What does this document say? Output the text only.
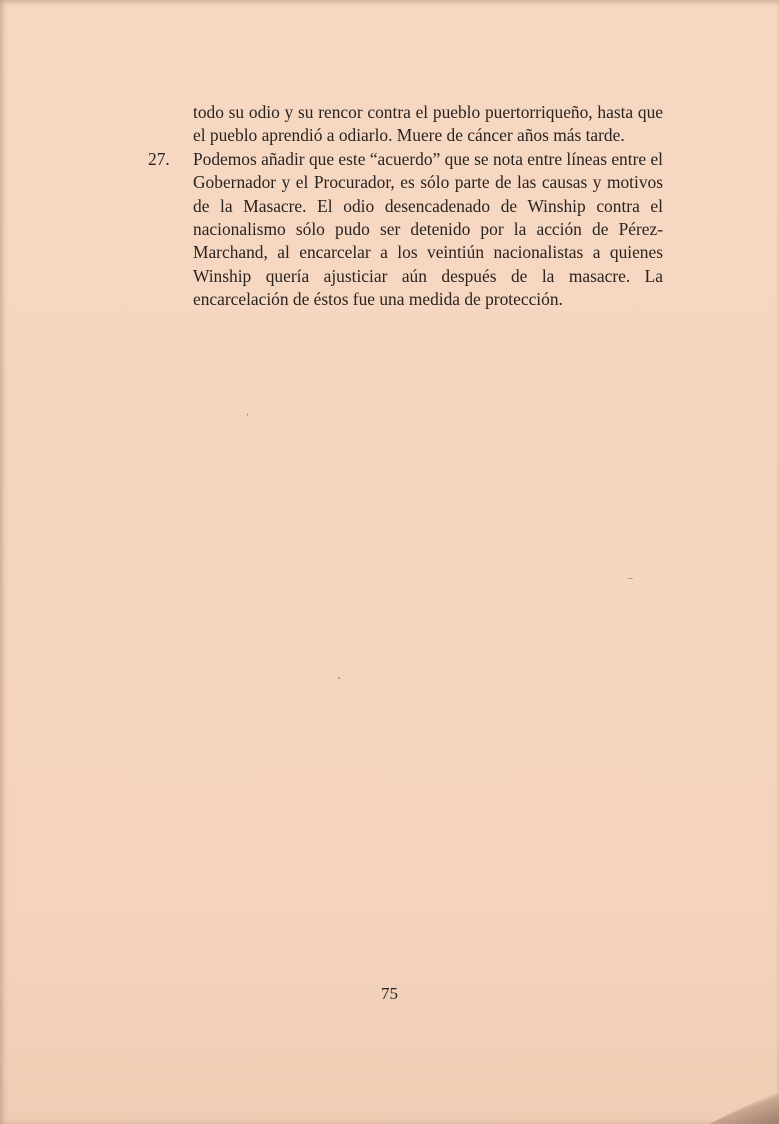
todo su odio y su rencor contra el pueblo puertorriqueño, hasta que el pueblo aprendió a odiarlo. Muere de cáncer años más tarde.

27.	Podemos añadir que este “acuerdo” que se nota entre líneas entre el Gobernador y el Procurador, es sólo parte de las causas y motivos de la Masacre. El odio desencadenado de Winship contra el nacionalismo sólo pudo ser detenido por la acción de Pérez-Marchand, al encarcelar a los veintiún nacionalistas a quienes Winship quería ajusticiar aún después de la masacre. La encarcelación de éstos fue una medida de protección.

75
